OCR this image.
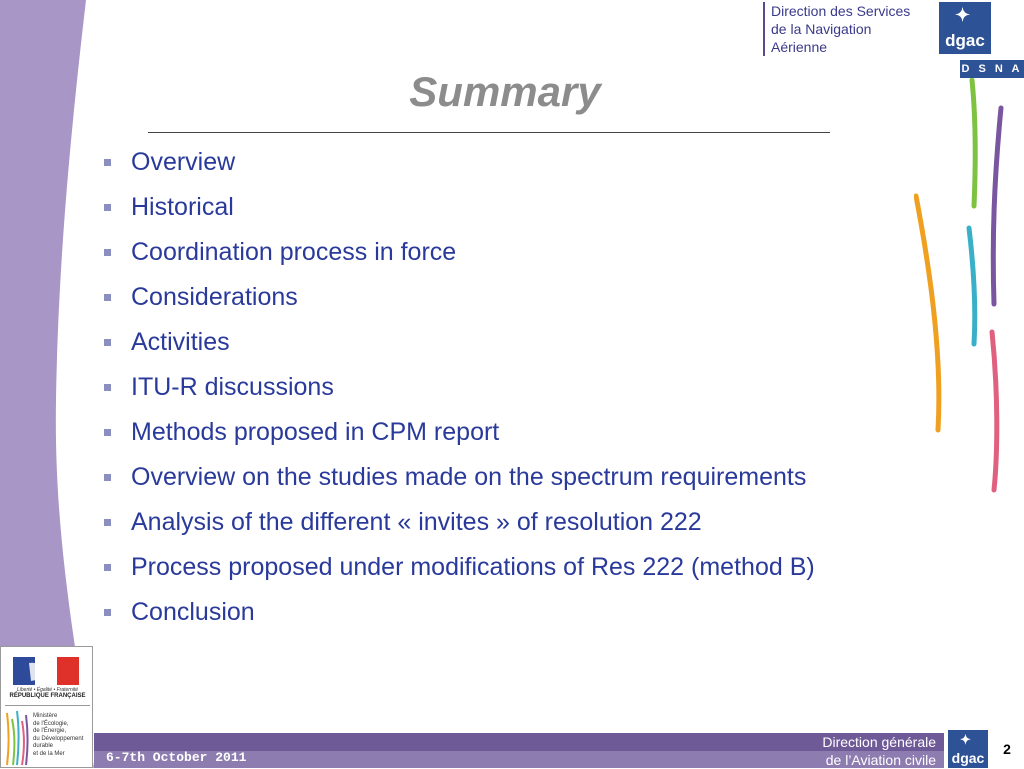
Direction des Services
de la Navigation
Aérienne
✦
dgac
D S N A
Summary
Overview
Historical
Coordination process in force
Considerations
Activities
ITU-R discussions
Methods proposed in CPM report
Overview on the studies made on the spectrum requirements
Analysis of the different « invites » of resolution 222
Process proposed under modifications of Res 222 (method B)
Conclusion
Liberté • Égalité • Fraternité
RÉPUBLIQUE FRANÇAISE
Ministère
de l'Écologie,
de l'Énergie,
du Développement
durable
et de la Mer	6-7th October 2011
Direction générale
de l’Aviation civile
✦
dgac
2
